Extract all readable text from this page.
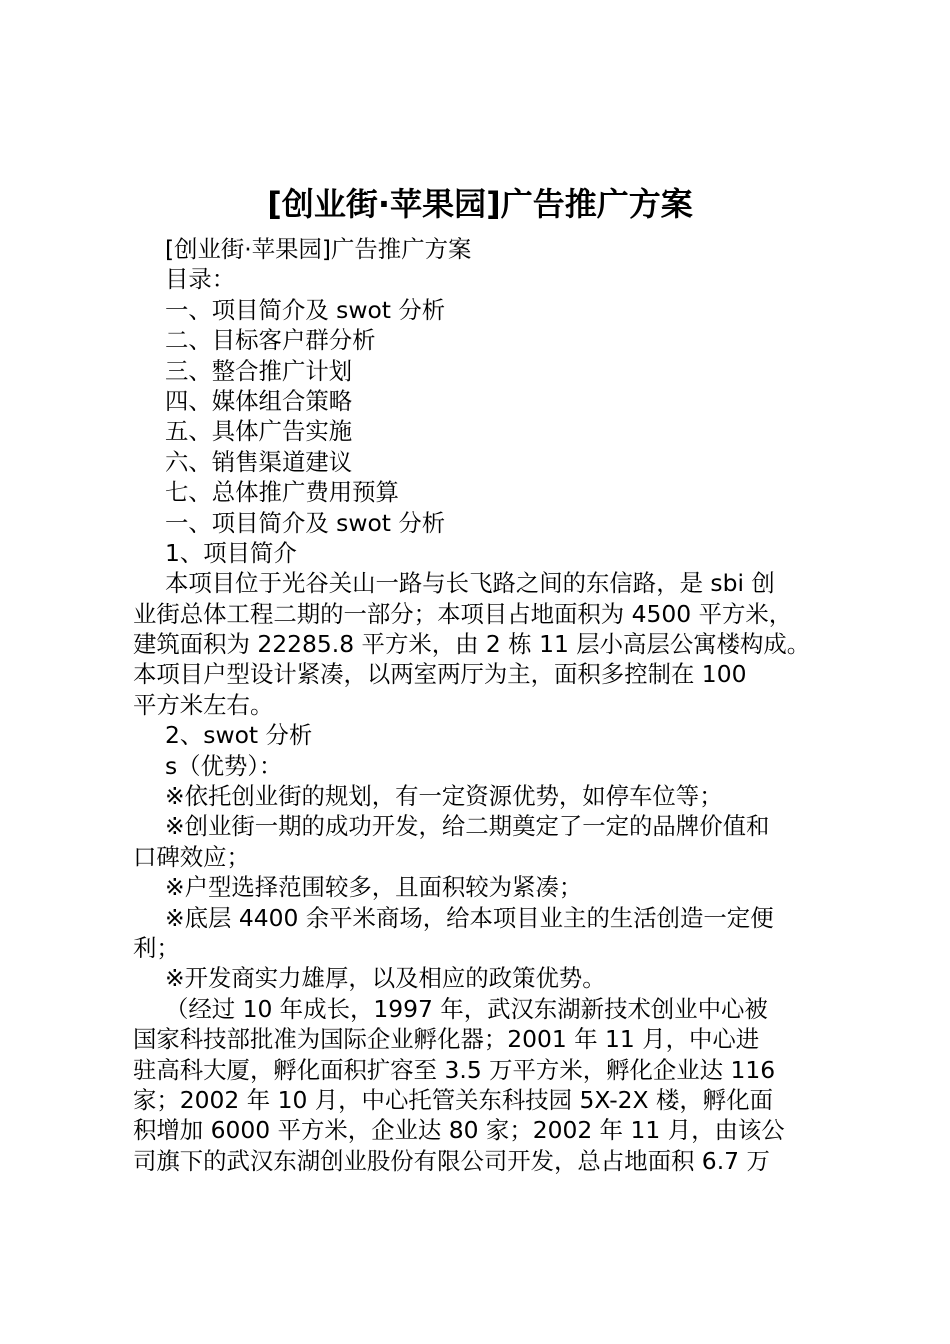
[创业街·苹果园]广告推广方案
[创业街·苹果园]广告推广方案
目录：
一、项目简介及 swot 分析
二、目标客户群分析
三、整合推广计划
四、媒体组合策略
五、具体广告实施
六、销售渠道建议
七、总体推广费用预算
一、项目简介及 swot 分析
1、项目简介
本项目位于光谷关山一路与长飞路之间的东信路，是 sbi 创
业街总体工程二期的一部分；本项目占地面积为 4500 平方米，
建筑面积为 22285.8 平方米，由 2 栋 11 层小高层公寓楼构成。
本项目户型设计紧凑，以两室两厅为主，面积多控制在 100
平方米左右。
2、swot 分析
s（优势）：
※依托创业街的规划，有一定资源优势，如停车位等；
※创业街一期的成功开发，给二期奠定了一定的品牌价值和
口碑效应；
※户型选择范围较多，且面积较为紧凑；
※底层 4400 余平米商场，给本项目业主的生活创造一定便
利；
※开发商实力雄厚，以及相应的政策优势。
（经过 10 年成长，1997 年，武汉东湖新技术创业中心被
国家科技部批准为国际企业孵化器；2001 年 11 月，中心进
驻高科大厦，孵化面积扩容至 3.5 万平方米，孵化企业达 116
家；2002 年 10 月，中心托管关东科技园 5X-2X 楼，孵化面
积增加 6000 平方米，企业达 80 家；2002 年 11 月，由该公
司旗下的武汉东湖创业股份有限公司开发，总占地面积 6.7 万
